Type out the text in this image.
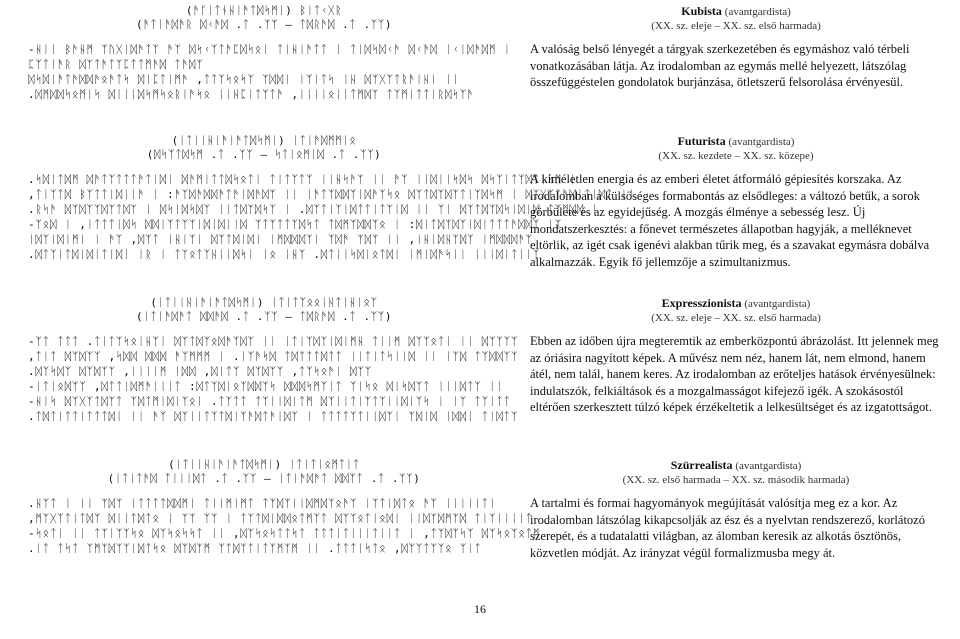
(ᚫᚴᛁᛏᚾᚺᛁᚫᛏᛞᛋᛗᛁ) ᛒᛁᛏᚲᚷᚱ
(ᚫᛏᛁᚫᛞᚫᚱ ᛞᚲᚫᛞ .ᛏ .ᛉᛉ – ᛏᛞᚱᚫᛞ .ᛏ .ᛉᛉ)
-ᚺᛁᛁ ᛒᚫᚺᛗ ᛉᚢᚷᛁᛞᚫᛏᛉ ᚫᛉ ᛞᛋᚲᛉᛏᚫᛈᛞᛋᛟᛁ ᛏᛁᚺᛁᚫᛏᛏ ᛁ ᛏᛁᛞᛋᛞᚲᚫ ᛞᚲᚫᛞ ᛁᚲᛁᛞᚫᛞᛗ ᛁ
ᛈᛉᛏᛁᚫᚱ ᛞᛉᛏᚫᛏᛉᛈᛏᛏᛗᚫᛞ ᛏᚫᛞᛉ
ᛞᛋᛞᛁᚫᛏᚫᛞᛞᚫᛟᚫᛏᛋ ᛞᛁᛈᛏᛁᛗᚫ ,ᛏᛏᛉᛋᛟᛋᛉ ᛉᛞᛞᛁ ᛁᛉᛁᛏᛋ ᛁᚺ ᛞᛉᚷᛉᛏᚱᚫᛁᚺᛁ ᛁᛁ
.ᛞᛗᛞᛞᛋᛟᛗᛁᛋ ᛞᛁᛁᛁᛞᛋᛗᛋᛟᚱᛁᚫᛋᛟ ᛁᛁᚺᛈᛁᛏᛉᛏᚫ ,ᛁᛁᛁᛁᛟᛁᛁᛏᛗᛞᛉ ᛏᛉᛗᛁᛏᛏᛁᚱᛞᛋᛉᚫ
Kubista (avantgardista)
(XX. sz. eleje – XX. sz. első harmada)
A valóság belső lényegét a tárgyak szerkezetében és egymáshoz való térbeli vonatkozásában látja. Az irodalomban az egymás mellé helyezett, látszólag összefüggéstelen gondolatok burjánzása, ötletszerű felsorolása érvényesül.
(ᛁᛏᛁᛁᚺᛁᚫᛁᚫᛏᛞᛋᛗᛁ) ᛁᛏᛁᚫᛞᛗᛗᛁᛟ
(ᛞᛋᛉᛏᛞᛋᛗ .ᛏ .ᛉᛉ – ᛋᛏᛁᛟᛗᛁᛞ .ᛏ .ᛉᛉ)
.ᛋᛞᛁᛏᛞᛗ ᛞᚫᛏᛉᛏᛏᛏᚫᛏᛁᛞᛁ ᛞᚫᛗᛁᛏᛏᛞᛋᛟᛏᛁ ᛏᛁᛏᛉᛏᛉ ᛁᛁᚺᛋᚫᛉ ᛁᛁ ᚫᛉ ᛁᛁᛞᛁᛁᛋᛞᛋ ᛞᛋᛉᛁᛏᛉᛞᛏᛁᛋᛗ ᛁ
,ᛏᛁᛉᛏᛞ ᛒᛉᛏᛏᛁᛞᛁᛁᚫ ᛁ :ᚫᛉᛞᚫᛞᛞᚫᛏᚫᛁᛞᚫᛞᛉ ᛁᛁ ᛁᚫᛏᛉᛞᛞᛉᛁᛞᚫᛉᛋᛟ ᛞᛉᛏᛞᛉᛞᛉᛏᛁᛉᛞᛋᛗ ᛁ ᛞᛉᚷᛉᛏᚫᛞᛁᛏᛁᛞᛏ ᛁᛁ
.ᚱᛋᚫ ᛞᛉᛞᛉᛉᛞᛉᛏᛞᛉ ᛁ ᛞᛋᛁᛞᛋᛞᛉ ᛁᛁᛏᛞᛉᛞᛋᛉ ᛁ .ᛞᛉᛏᛁᛉᛁᛞᛏᛏᛁᛏᛉᛁᛞ ᛁᛁ ᛉᛁ ᛞᛉᛏᛞᛉᛞᛋᛁᛞᛁᛞ ᛏᛉᛗᛞᛞ ᛁ
-ᛉᛟᛞ ᛁ ,ᛁᛏᛏᛏᛁᛞᛋ ᛞᛞᛁᛉᛏᛉᛉᛁᛞᛁᛞᛁᛁᛞ ᛉᛏᛉᛏᛏᛉᛞᛋᛏ ᛏᛞᛗᛉᛞᛞᛉᛟ ᛁ :ᛞᛁᛏᛞᛉᛞᛉᛁᛞᛁᛏᛏᛏᚫᛞᛞᛉ ᛁᛉ
ᛁᛞᛉᛁᛞᛁᛗᛁ ᛁ ᚫᛉ ,ᛞᛉᛏ ᛁᚺᛁᛉᛁ ᛞᛉᛏᛞᛁᛞᛁ ᛁᛗᛞᛞᛞᛉᛁ ᛉᛞᚫ ᛉᛞᛉ ᛁᛁ ,ᛁᚺᛁᛞᚺᛉᛞᛉ ᛁᛗᛞᛞᛞᚫᛉ
.ᛞᛏᛉᛁᛏᛞᛁᛞᛁᛏᛁᛞᛁ ᛁᚱ ᛁ ᛏᛉᛟᛏᛉᚺᛁᛁᛞᛋᛁ ᛁᛟ ᛁᚺᛉ .ᛞᛏᛁᛁᛋᛞᛁᛟᛏᛞᛁ ᛁᛗᛁᛞᚫᛋᛁᛁ ᛁᛁᛁᛞᛁᛏᛁᛁᛉ
Futurista (avantgardista)
(XX. sz. kezdete – XX. sz. közepe)
A kíméletlen energia és az emberi életet átformáló gépiesítés korszaka. Az irodalomban a külsőséges formabontás az elsődleges: a változó betűk, a sorok görbülete és az egyidejűség. A mozgás élménye a sebesség lesz. Új mondatszerkesztés: a főnevet természetes állapotban hagyják, a melléknevet eltörlik, az igét csak igenévi alakban tűrik meg, és a szavakat egymásra dobálva alkalmazzák. Egyik fő jellemzője a szimultanizmus.
(ᛁᛏᛁᛁᚺᛁᚫᛁᚫᛏᛞᛋᛗᛁ) ᛁᛏᛁᛏᛉᛟᛟᛁᚺᛏᛁᚺᛁᛟᛉ
(ᛁᛏᛁᚫᛞᚫᛏ ᛞᛞᚫᛞ .ᛏ .ᛉᛉ – ᛏᛞᚱᚫᛞ .ᛏ .ᛉᛉ)
-ᛉᛏ ᛏᛏᛏ .ᛏᛁᛏᛉᛋᛟᛁᚺᛉᛁ ᛞᛉᛏᛞᛉᛟᛞᚫᛉᛞᛉ ᛁᛁ ᛁᛏᛁᛉᛞᛉᛁᛞᛁᛗᚺ ᛏᛁᛁᛗ ᛞᛉᛉᛟᛏᛁ ᛁᛁ ᛞᛉᛉᛉᛉ
,ᛏᛁᛏ ᛞᛉᛞᛉᛉ ,ᛋᛞᛞ ᛞᛞᛞ ᚫᛉᛗᛗᛗ ᛁ .ᛁᛉᚫᛋᛞ ᛏᛞᛏᛏᛏᛞᛏᛏ ᛁᛁᛏᛁᛏᛋᛁᛁᛞ ᛁᛁ ᛁᛉᛞ ᛏᛉᛞᛞᛉᛉ
.ᛞᛉᛋᛞᛉ ᛞᛉᛞᛉᛉ ,ᛁᛁᛁᛁᛗ ᛁᛞᛞ ,ᛞᛁᛏᛉ ᛞᛉᛞᛉᛉ ,ᛏᛉᛋᛟᚫᛁ ᛞᛉᛉ
-ᛁᛏᛁᛟᛞᛉᛉ ,ᛞᛏᛏᛁᛞᛗᚫᛁᛁᛁᛏ :ᛞᛏᛉᛞᛁᛟᛉᛞᛞᛉᛋ ᛞᛞᛞᛋᛗᛉᛁᛏ ᛉᛁᛋᛟ ᛞᛁᛋᛞᛉᛏ ᛁᛁᛁᛞᛏᛉ ᛁᛁ
-ᚺᛁᛋ ᛞᛉᚷᛉᛏᛞᛉᛏ ᛉᛞᛏᛗᛁᛞᛁᛉᛟᛁ .ᛏᛉᛏᛏ ᛏᛉᛁᛁᛞᛁᛏᛗ ᛞᛉᛁᛁᛏᛁᛉᛏᛉᛁᛁᛞᛁᛉᛋ ᛁ ᛁᛉ ᛏᛉᛁᛏᛏ
.ᛏᛞᛏᛁᛏᛏᛁᛏᛏᛏᛞᛁ ᛁᛁ ᚫᛉ ᛞᛉᛁᛁᛏᛉᛏᛞᛁᛉᚫᛞᛏᚫᛁᛞᛉ ᛁ ᛏᛏᛏᛏᛉᛏᛁᛁᛞᛉᛁ ᛉᛞᛁᛞ ᛁᛞᛞᛁ ᛏᛁᛞᛏᛉ
Expresszionista (avantgardista)
(XX. sz. eleje – XX. sz. első harmada)
Ebben az időben újra megteremtik az emberközpontú ábrázolást. Itt jelennek meg az óriásira nagyított képek. A művész nem néz, hanem lát, nem elmond, hanem átél, nem talál, hanem keres. Az irodalomban az erőteljes hatások érvényesülnek: indulatszók, felkiáltások és a mozgalmasságot kifejező igék. A szokásostól eltérően szerkesztett túlzó képek érzékeltetik a lelkesültséget és az izgatottságot.
(ᛁᛏᛁᛁᚺᛁᚫᛁᚫᛏᛞᛋᛗᛁ) ᛁᛏᛁᛏᛁᛟᛗᛏᛁᛏ
(ᛁᛏᛁᛏᚫᛞ ᛏᛁᛁᛁᛞᛏ .ᛏ .ᛉᛉ – ᛁᛏᛁᚫᛞᚫᛏ ᛞᛞᛉᛏ .ᛏ .ᛉᛉ)
.ᚺᛉᛏ ᛁ ᛁᛁ ᛉᛞᛉ ᛁᛏᛏᛏᛏᛞᛞᛗᛁ ᛏᛁᛁᛗᛁᛗᛏ ᛏᛉᛞᛉᛁᛁᛞᛗᛞᛉᛟᚫᛉ ᛁᛉᛏᛁᛞᛏᛟ ᚫᛉ ᛁᛁᛁᛁᛁᛏᛁ
,ᛗᛉᚷᛉᛏᛁᛏᛞᛉ ᛞᛁᛁᛏᛞᛏᛟ ᛁ ᛉᛉ ᛉᛉ ᛁ ᛏᛉᛏᛞᛁᛞᛞᛟᛏᛗᛉᛏ ᛞᛉᛉᛟᛏᛁᛟᛞᛁ ᛁᛁᛞᛉᛞᛗᛉᛞ ᛏᛁᛉᛁᛁᛁᛁᛏ
-ᛋᛟᛏᛁ ᛁᛁ ᛏᛉᛁᛉᛉᛋᛟ ᛞᛉᛋᛟᛋᛋᛏ ᛁᛁ ,ᛞᛉᛋᛟᛋᛏᛏᛋᛏ ᛏᛏᛏᛁᛏᛁᛁᛁᛏᛁᛁᛏ ᛁ ,ᛏᛉᛞᛉᛋᛉ ᛞᛉᛋᛟᛉᛟᛏᛗ
.ᛁᛏ ᛏᛋᛏ ᛉᛗᛉᛞᛉᛉᛁᛞᛏᛋᛟ ᛞᛉᛞᛉᛗ ᛉᛏᛞᛉᛏᛁᛏᛉᛗᛉᛗ ᛁᛁ .ᛏᛏᛏᛁᛋᛏᛟ ,ᛞᛉᛉᛏᛉᛉᛟ ᛉᛁᛏ
Szürrealista (avantgardista)
(XX. sz. első harmada – XX. sz. második harmada)
A tartalmi és formai hagyományok megújítását valósítja meg ez a kor. Az irodalomban látszólag kikapcsolják az ész és a nyelvtan rendszerező, korlátozó szerepét, és a tudatalatti világban, az álomban keresik az alkotás ösztönös, közvetlen módját. Az irányzat végül formalizmusba megy át.
16
